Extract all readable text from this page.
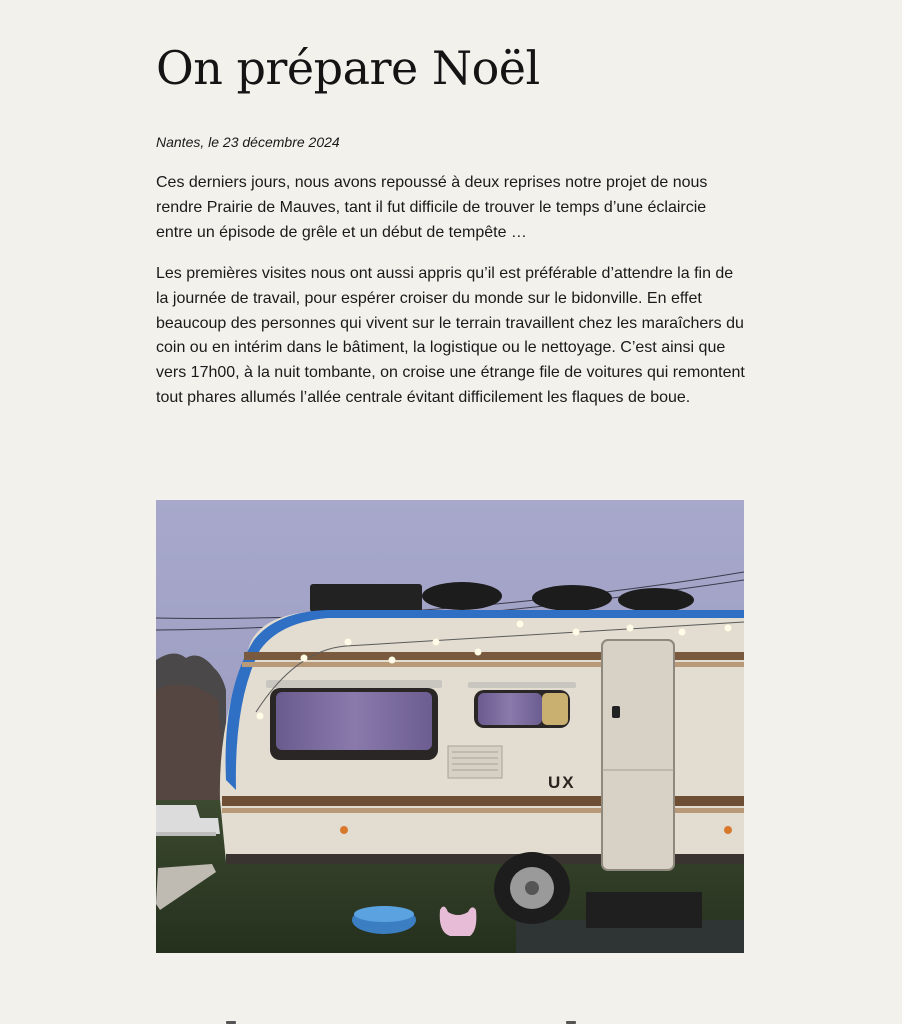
On prépare Noël

Nantes, le 23 décembre 2024

Ces derniers jours, nous avons repoussé à deux reprises notre projet de nous rendre Prairie de Mauves, tant il fut difficile de trouver le temps d’une éclaircie entre un épisode de grêle et un début de tempête …

Les premières visites nous ont aussi appris qu’il est préférable d’attendre la fin de la journée de travail, pour espérer croiser du monde sur le bidonville. En effet beaucoup des personnes qui vivent sur le terrain travaillent chez les maraîchers du coin ou en intérim dans le bâtiment, la logistique ou le nettoyage. C’est ainsi que vers 17h00, à la nuit tombante, on croise une étrange file de voitures qui remontent tout phares allumés l’allée centrale évitant difficilement les flaques de boue.

UX
